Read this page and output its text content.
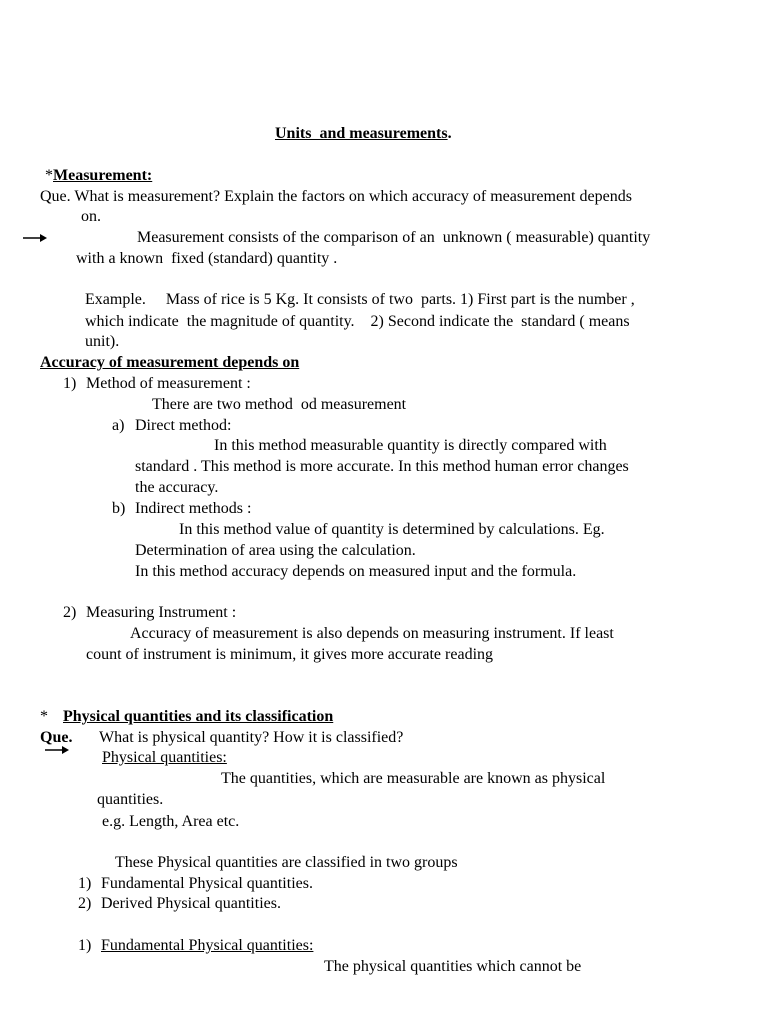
Units  and measurements.
*Measurement:
Que. What is measurement? Explain the factors on which accuracy of measurement depends
on.
Measurement consists of the comparison of an  unknown ( measurable) quantity
with a known  fixed (standard) quantity .
Example.     Mass of rice is 5 Kg. It consists of two  parts. 1) First part is the number ,
which indicate  the magnitude of quantity.    2) Second indicate the  standard ( means
unit).
Accuracy of measurement depends on
1) Method of measurement :
There are two method  od measurement
a) Direct method:
In this method measurable quantity is directly compared with
standard . This method is more accurate. In this method human error changes
the accuracy.
b) Indirect methods :
In this method value of quantity is determined by calculations. Eg.
Determination of area using the calculation.
In this method accuracy depends on measured input and the formula.
2) Measuring Instrument :
Accuracy of measurement is also depends on measuring instrument. If least
count of instrument is minimum, it gives more accurate reading
* Physical quantities and its classification
Que. What is physical quantity? How it is classified?
Physical quantities:
The quantities, which are measurable are known as physical
quantities.
e.g. Length, Area etc.
These Physical quantities are classified in two groups
1) Fundamental Physical quantities.
2) Derived Physical quantities.
1) Fundamental Physical quantities:
The physical quantities which cannot be
